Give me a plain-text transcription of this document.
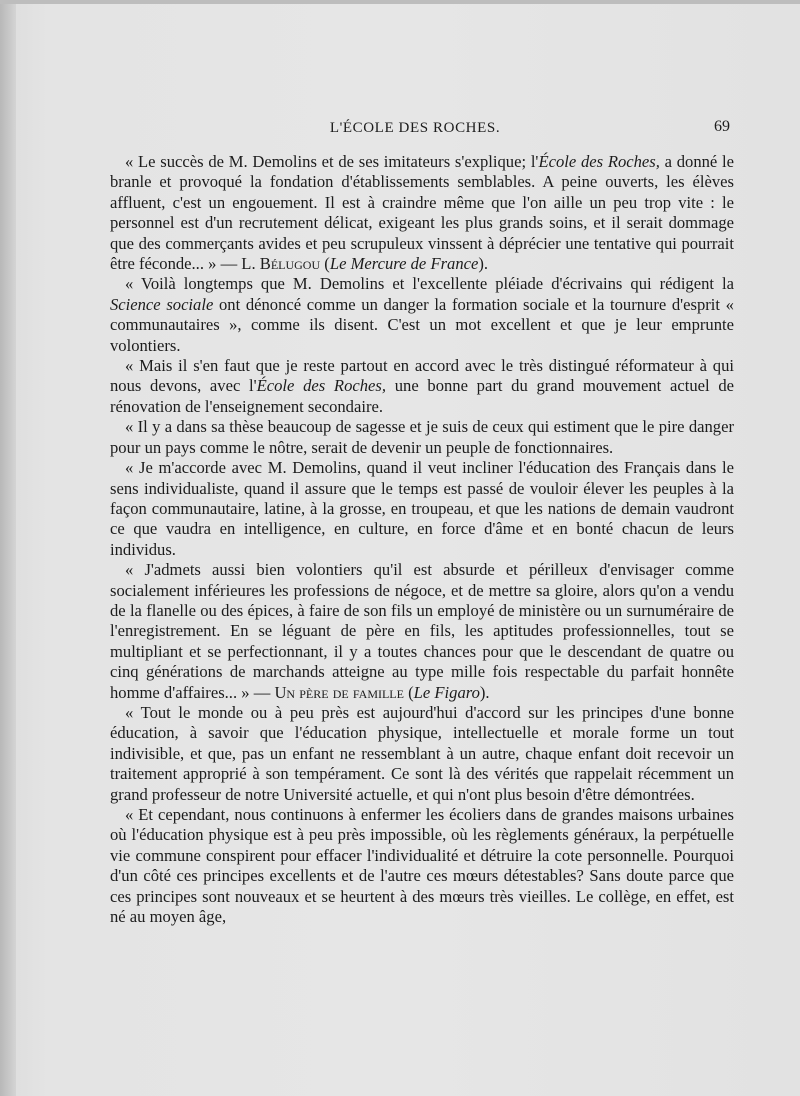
L'ÉCOLE DES ROCHES.	69

« Le succès de M. Demolins et de ses imitateurs s'explique; l'École des Roches, a donné le branle et provoqué la fondation d'établissements semblables. A peine ouverts, les élèves affluent, c'est un engouement. Il est à craindre même que l'on aille un peu trop vite : le personnel est d'un recrutement délicat, exigeant les plus grands soins, et il serait dommage que des commerçants avides et peu scrupuleux vinssent à déprécier une tentative qui pourrait être féconde... » — L. Bélugou (Le Mercure de France).

« Voilà longtemps que M. Demolins et l'excellente pléiade d'écrivains qui rédigent la Science sociale ont dénoncé comme un danger la formation sociale et la tournure d'esprit « communautaires », comme ils disent. C'est un mot excellent et que je leur emprunte volontiers.

« Mais il s'en faut que je reste partout en accord avec le très distingué réformateur à qui nous devons, avec l'École des Roches, une bonne part du grand mouvement actuel de rénovation de l'enseignement secondaire.

« Il y a dans sa thèse beaucoup de sagesse et je suis de ceux qui estiment que le pire danger pour un pays comme le nôtre, serait de devenir un peuple de fonctionnaires.

« Je m'accorde avec M. Demolins, quand il veut incliner l'éducation des Français dans le sens individualiste, quand il assure que le temps est passé de vouloir élever les peuples à la façon communautaire, latine, à la grosse, en troupeau, et que les nations de demain vaudront ce que vaudra en intelligence, en culture, en force d'âme et en bonté chacun de leurs individus.

« J'admets aussi bien volontiers qu'il est absurde et périlleux d'envisager comme socialement inférieures les professions de négoce, et de mettre sa gloire, alors qu'on a vendu de la flanelle ou des épices, à faire de son fils un employé de ministère ou un surnuméraire de l'enregistrement. En se léguant de père en fils, les aptitudes professionnelles, tout se multipliant et se perfectionnant, il y a toutes chances pour que le descendant de quatre ou cinq générations de marchands atteigne au type mille fois respectable du parfait honnête homme d'affaires... » — Un père de famille (Le Figaro).

« Tout le monde ou à peu près est aujourd'hui d'accord sur les principes d'une bonne éducation, à savoir que l'éducation physique, intellectuelle et morale forme un tout indivisible, et que, pas un enfant ne ressemblant à un autre, chaque enfant doit recevoir un traitement approprié à son tempérament. Ce sont là des vérités que rappelait récemment un grand professeur de notre Université actuelle, et qui n'ont plus besoin d'être démontrées.

« Et cependant, nous continuons à enfermer les écoliers dans de grandes maisons urbaines où l'éducation physique est à peu près impossible, où les règlements généraux, la perpétuelle vie commune conspirent pour effacer l'individualité et détruire la cote personnelle. Pourquoi d'un côté ces principes excellents et de l'autre ces mœurs détestables? Sans doute parce que ces principes sont nouveaux et se heurtent à des mœurs très vieilles. Le collège, en effet, est né au moyen âge,
